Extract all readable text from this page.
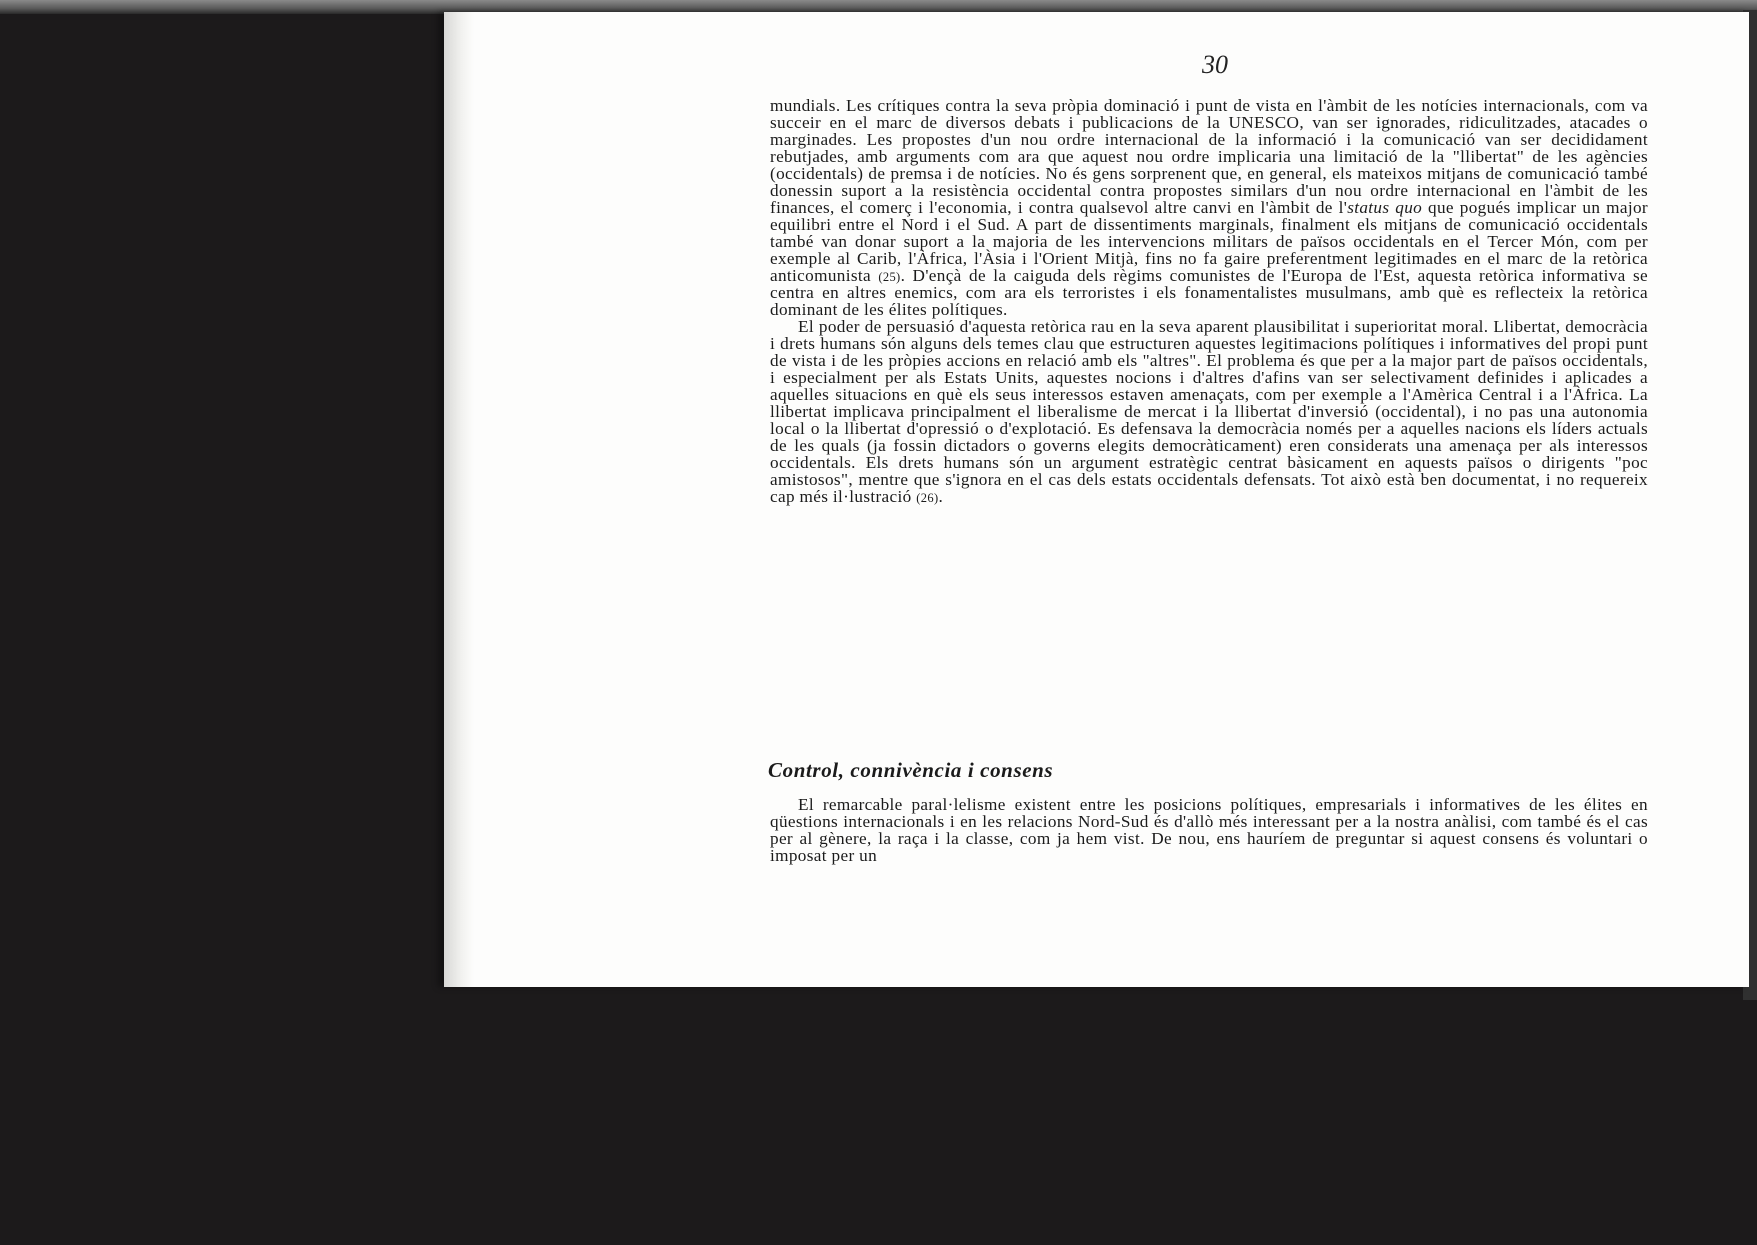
30

mundials. Les crítiques contra la seva pròpia dominació i punt de vista en l'àmbit de les notícies internacionals, com va succeir en el marc de diversos debats i publicacions de la UNESCO, van ser ignorades, ridiculitzades, atacades o marginades. Les propostes d'un nou ordre internacional de la informació i la comunicació van ser decididament rebutjades, amb arguments com ara que aquest nou ordre implicaria una limitació de la "llibertat" de les agències (occidentals) de premsa i de notícies. No és gens sorprenent que, en general, els mateixos mitjans de comunicació també donessin suport a la resistència occidental contra propostes similars d'un nou ordre internacional en l'àmbit de les finances, el comerç i l'economia, i contra qualsevol altre canvi en l'àmbit de l'status quo que pogués implicar un major equilibri entre el Nord i el Sud. A part de dissentiments marginals, finalment els mitjans de comunicació occidentals també van donar suport a la majoria de les intervencions militars de països occidentals en el Tercer Món, com per exemple al Carib, l'Àfrica, l'Àsia i l'Orient Mitjà, fins no fa gaire preferentment legitimades en el marc de la retòrica anticomunista (25). D'ençà de la caiguda dels règims comunistes de l'Europa de l'Est, aquesta retòrica informativa se centra en altres enemics, com ara els terroristes i els fonamentalistes musulmans, amb què es reflecteix la retòrica dominant de les élites polítiques.

El poder de persuasió d'aquesta retòrica rau en la seva aparent plausibilitat i superioritat moral. Llibertat, democràcia i drets humans són alguns dels temes clau que estructuren aquestes legitimacions polítiques i informatives del propi punt de vista i de les pròpies accions en relació amb els "altres". El problema és que per a la major part de països occidentals, i especialment per als Estats Units, aquestes nocions i d'altres d'afins van ser selectivament definides i aplicades a aquelles situacions en què els seus interessos estaven amenaçats, com per exemple a l'Amèrica Central i a l'Àfrica. La llibertat implicava principalment el liberalisme de mercat i la llibertat d'inversió (occidental), i no pas una autonomia local o la llibertat d'opressió o d'explotació. Es defensava la democràcia només per a aquelles nacions els líders actuals de les quals (ja fossin dictadors o governs elegits democràticament) eren considerats una amenaça per als interessos occidentals. Els drets humans són un argument estratègic centrat bàsicament en aquests països o dirigents "poc amistosos", mentre que s'ignora en el cas dels estats occidentals defensats. Tot això està ben documentat, i no requereix cap més il·lustració (26).

Control, connivència i consens

El remarcable paral·lelisme existent entre les posicions polítiques, empresarials i informatives de les élites en qüestions internacionals i en les relacions Nord-Sud és d'allò més interessant per a la nostra anàlisi, com també és el cas per al gènere, la raça i la classe, com ja hem vist. De nou, ens hauríem de preguntar si aquest consens és voluntari o imposat per un
